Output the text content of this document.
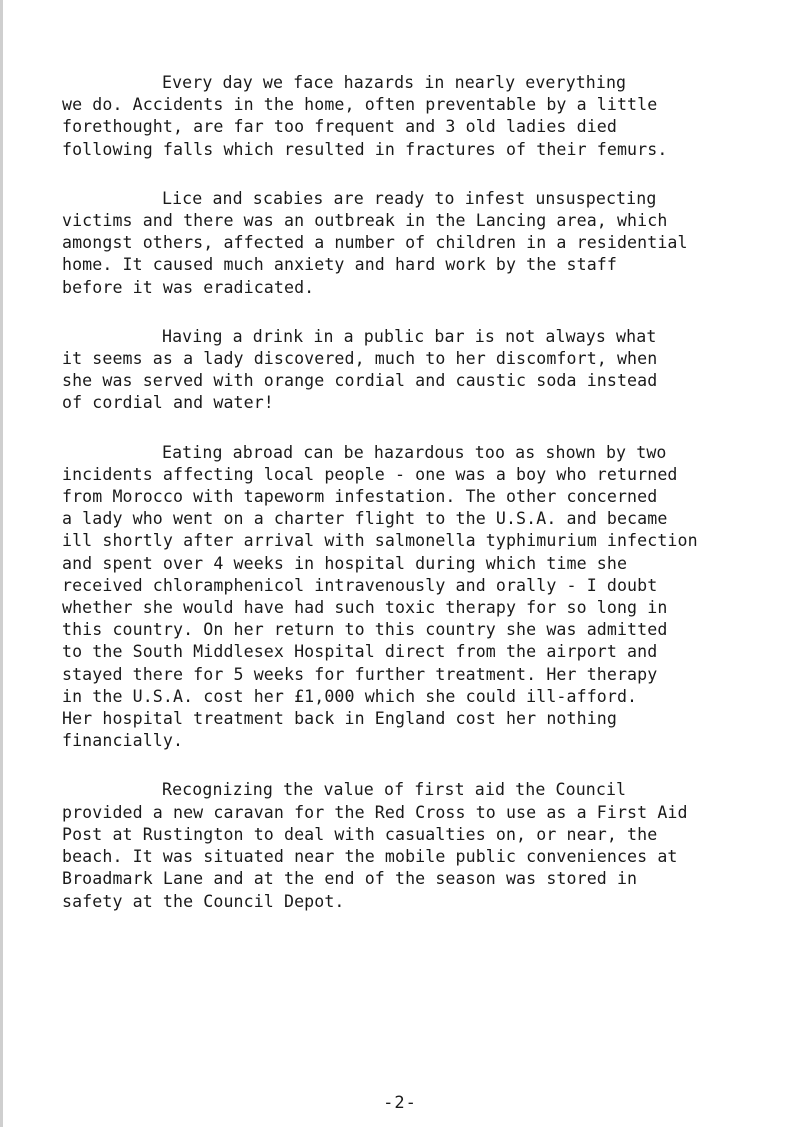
Every day we face hazards in nearly everything
we do. Accidents in the home, often preventable by a little
forethought, are far too frequent and 3 old ladies died
following falls which resulted in fractures of their femurs.

Lice and scabies are ready to infest unsuspecting
victims and there was an outbreak in the Lancing area, which
amongst others, affected a number of children in a residential
home. It caused much anxiety and hard work by the staff
before it was eradicated.

Having a drink in a public bar is not always what
it seems as a lady discovered, much to her discomfort, when
she was served with orange cordial and caustic soda instead
of cordial and water!

Eating abroad can be hazardous too as shown by two
incidents affecting local people - one was a boy who returned
from Morocco with tapeworm infestation. The other concerned
a lady who went on a charter flight to the U.S.A. and became
ill shortly after arrival with salmonella typhimurium infection
and spent over 4 weeks in hospital during which time she
received chloramphenicol intravenously and orally - I doubt
whether she would have had such toxic therapy for so long in
this country. On her return to this country she was admitted
to the South Middlesex Hospital direct from the airport and
stayed there for 5 weeks for further treatment. Her therapy
in the U.S.A. cost her £1,000 which she could ill-afford.
Her hospital treatment back in England cost her nothing
financially.

Recognizing the value of first aid the Council
provided a new caravan for the Red Cross to use as a First Aid
Post at Rustington to deal with casualties on, or near, the
beach. It was situated near the mobile public conveniences at
Broadmark Lane and at the end of the season was stored in
safety at the Council Depot.

-2-
